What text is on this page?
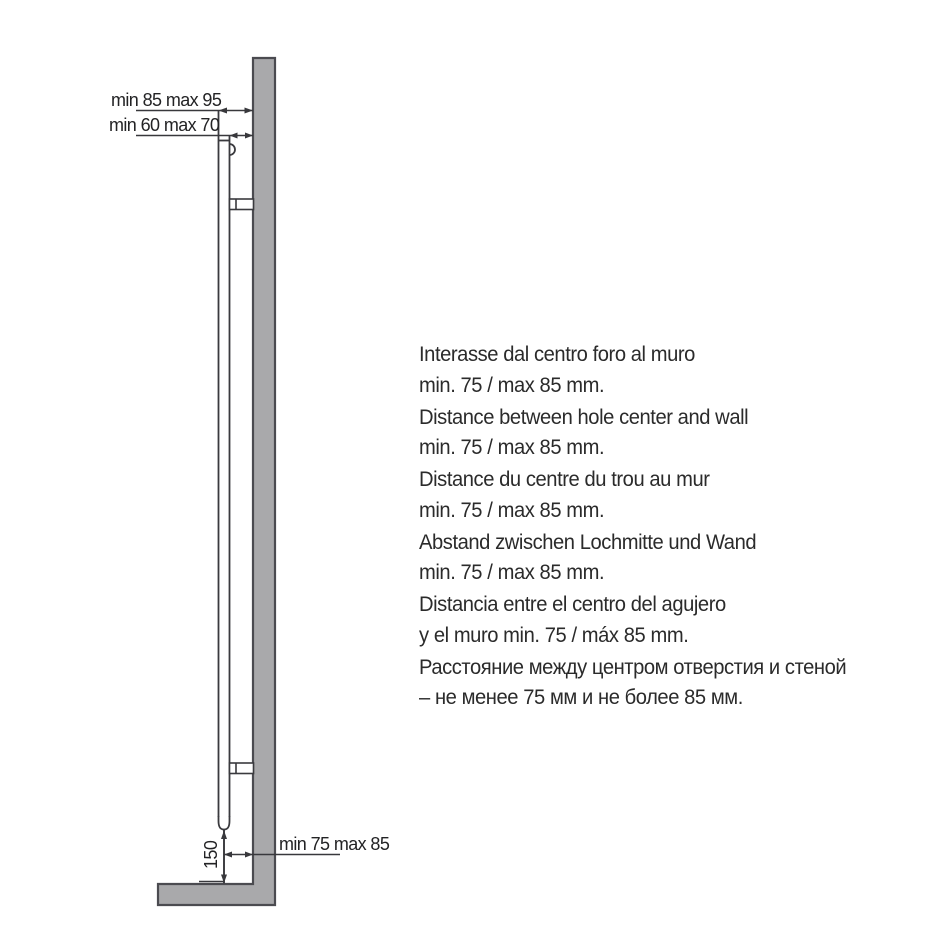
min 85 max 95
min 60 max 70
min 75 max 85
150

Interasse dal centro foro al muro
min. 75 / max 85 mm.

Distance between hole center and wall
min. 75 / max 85 mm.

Distance du centre du trou au mur
min. 75 / max 85 mm.

Abstand zwischen Lochmitte und Wand
min. 75 / max 85 mm.

Distancia entre el centro del agujero
y el muro min. 75 / máx 85 mm.

Расстояние между центром отверстия и стеной
– не менее 75 мм и не более 85 мм.
